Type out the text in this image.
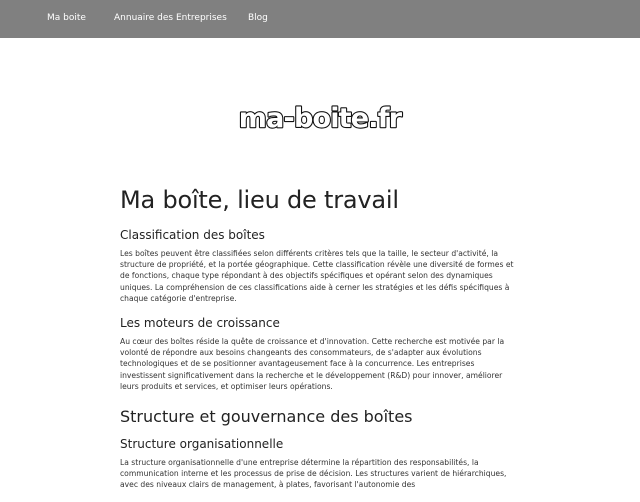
Ma boite	Annuaire des Entreprises Blog
ma-boite.fr
Ma boîte, lieu de travail
Classification des boîtes

Les boîtes peuvent être classifiées selon différents critères tels que la taille, le secteur d'activité, la structure de propriété, et la portée géographique. Cette classification révèle une diversité de formes et de fonctions, chaque type répondant à des objectifs spécifiques et opérant selon des dynamiques uniques. La compréhension de ces classifications aide à cerner les stratégies et les défis spécifiques à chaque catégorie d'entreprise.

Les moteurs de croissance

Au cœur des boîtes réside la quête de croissance et d'innovation. Cette recherche est motivée par la volonté de répondre aux besoins changeants des consommateurs, de s'adapter aux évolutions technologiques et de se positionner avantageusement face à la concurrence. Les entreprises investissent significativement dans la recherche et le développement (R&D) pour innover, améliorer leurs produits et services, et optimiser leurs opérations.

Structure et gouvernance des boîtes
Structure organisationnelle

La structure organisationnelle d'une entreprise détermine la répartition des responsabilités, la communication interne et les processus de prise de décision. Les structures varient de hiérarchiques, avec des niveaux clairs de management, à plates, favorisant l'autonomie des
